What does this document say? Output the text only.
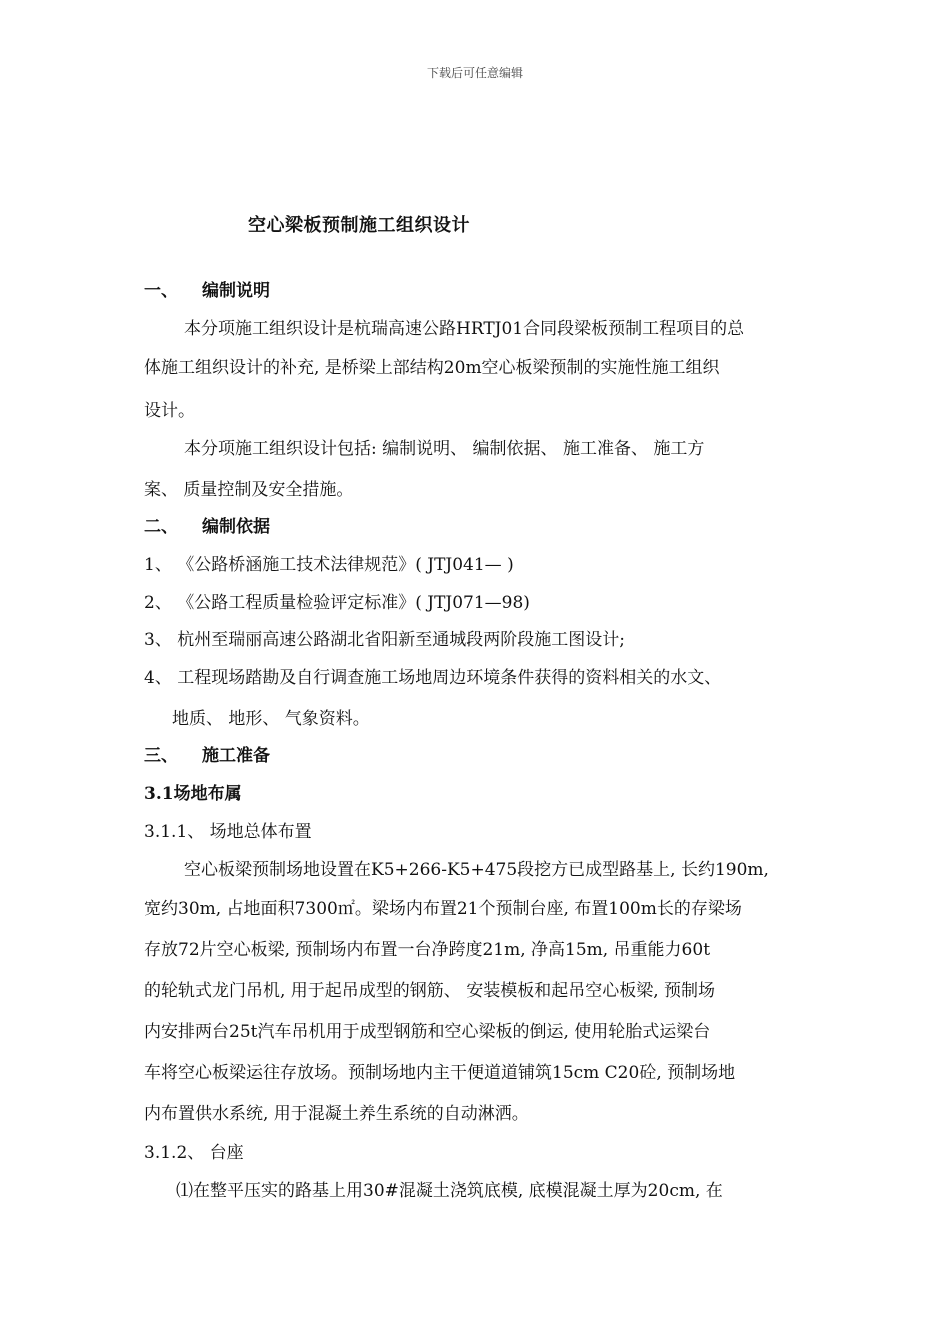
下载后可任意编辑
空心梁板预制施工组织设计
一、 编制说明
本分项施工组织设计是杭瑞高速公路HRTJ01合同段梁板预制工程项目的总
体施工组织设计的补充, 是桥梁上部结构20m空心板梁预制的实施性施工组织
设计。
本分项施工组织设计包括: 编制说明、 编制依据、 施工准备、 施工方
案、 质量控制及安全措施。
二、 编制依据
1、 《公路桥涵施工技术法律规范》( JTJ041— )
2、 《公路工程质量检验评定标准》( JTJ071—98)
3、 杭州至瑞丽高速公路湖北省阳新至通城段两阶段施工图设计;
4、 工程现场踏勘及自行调查施工场地周边环境条件获得的资料相关的水文、
地质、 地形、 气象资料。
三、 施工准备
3.1场地布属
3.1.1、 场地总体布置
空心板梁预制场地设置在K5+266-K5+475段挖方已成型路基上, 长约190m,
宽约30m, 占地面积7300㎡。梁场内布置21个预制台座, 布置100m长的存梁场
存放72片空心板梁, 预制场内布置一台净跨度21m, 净高15m, 吊重能力60t
的轮轨式龙门吊机, 用于起吊成型的钢筋、 安装模板和起吊空心板梁, 预制场
内安排两台25t汽车吊机用于成型钢筋和空心梁板的倒运, 使用轮胎式运梁台
车将空心板梁运往存放场。预制场地内主干便道道铺筑15cm C20砼, 预制场地
内布置供水系统, 用于混凝土养生系统的自动淋洒。
3.1.2、 台座
⑴在整平压实的路基上用30#混凝土浇筑底模, 底模混凝土厚为20cm, 在
